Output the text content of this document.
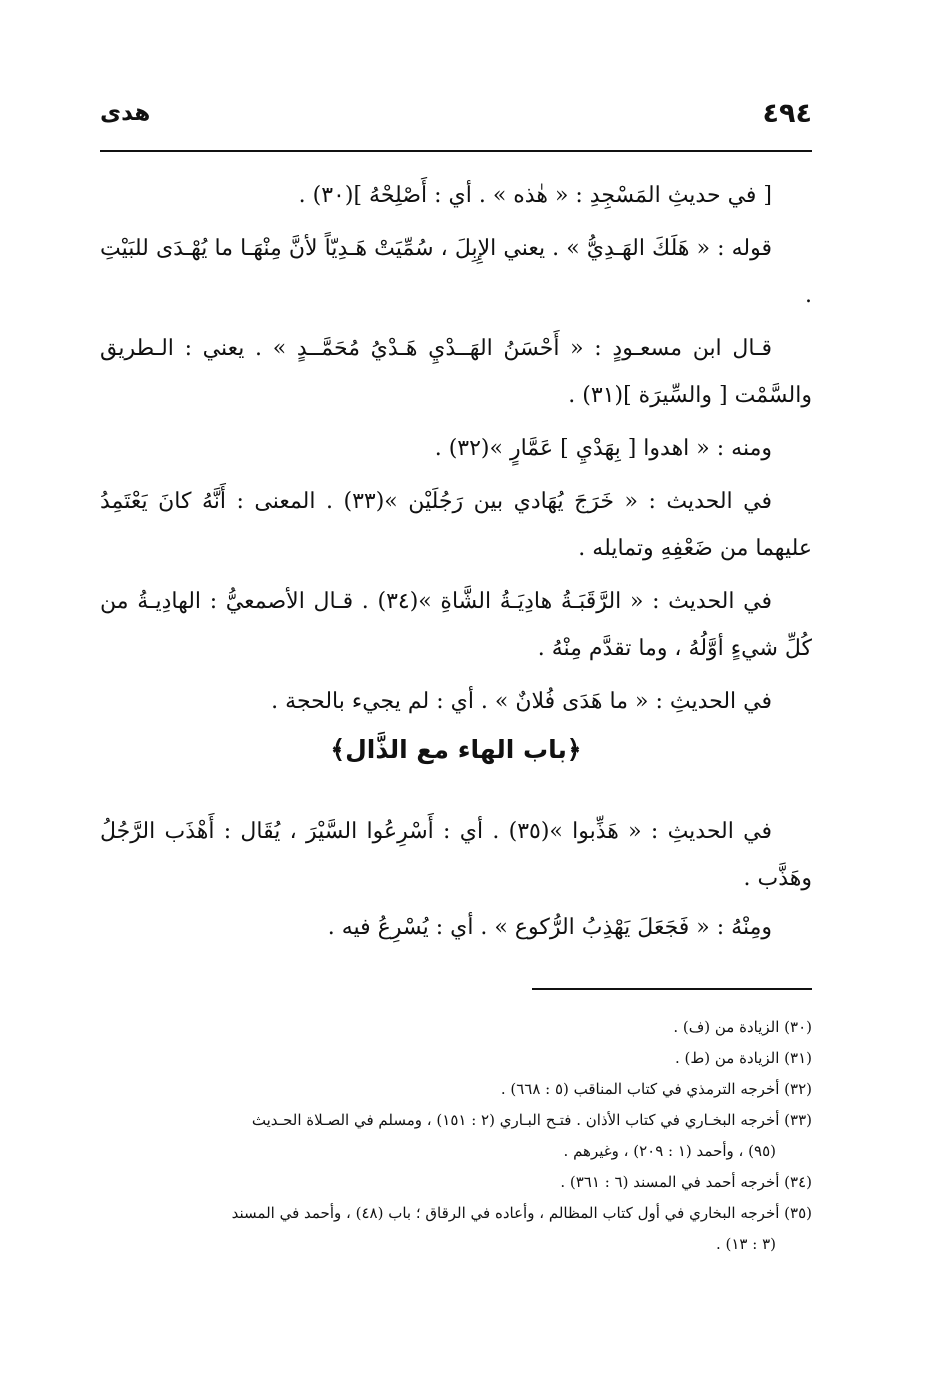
٤٩٤
هدى

[ في حديثِ المَسْجِدِ : « هٰذه » . أي : أَصْلِحْهُ ](٣٠) .

قوله : « هَلَكَ الهَـدِيُّ » . يعني الإِبِلَ ، سُمِّيَتْ هَـدِيّاً لأنَّ مِنْهَـا ما يُهْـدَى للبَيْتِ .

قـال ابن مسعـودٍ : « أَحْسَنُ الهَــدْيِ هَـدْيُ مُحَمَّــدٍ » . يعني : الـطريق والسَّمْت [ والسِّيرَة ](٣١) .

ومنه : « اهدوا [ بِهَدْيِ ] عَمَّارٍ »(٣٢) .

في الحديث : « خَرَجَ يُهَادي بين رَجُلَيْن »(٣٣) . المعنى : أَنَّهُ كانَ يَعْتَمِدُ عليهما من ضَعْفِهِ وتمايله .

في الحديث : « الرَّقَبَـةُ هادِيَـةُ الشَّاةِ »(٣٤) . قـال الأصمعيُّ : الهادِيـةُ من كُلِّ شيءٍ أوَّلُهُ ، وما تقدَّم مِنْهُ .

في الحديثِ : « ما هَدَى فُلانٌ » . أي : لم يجيء بالحجة .

﴿باب الهاء مع الذَّال﴾

في الحديثِ : « هَذِّبوا »(٣٥) . أي : أَسْرِعُوا السَّيْرَ ، يُقَال : أَهْذَب الرَّجُلُ وهَذَّب .

ومِنْهُ : « فَجَعَلَ يَهْذِبُ الرُّكوع » . أي : يُسْرِعُ فيه .

(٣٠) الزيادة من (ف) .

(٣١) الزيادة من (ط) .

(٣٢) أخرجه الترمذي في كتاب المناقب (٥ : ٦٦٨) .

(٣٣) أخرجه البخـاري في كتاب الأذان . فتـح البـاري (٢ : ١٥١) ، ومسلم في الصـلاة الحـديث
(٩٥) ، وأحمد (١ : ٢٠٩) ، وغيرهم .

(٣٤) أخرجه أحمد في المسند (٦ : ٣٦١) .

(٣٥) أخرجه البخاري في أول كتاب المظالم ، وأعاده في الرقاق ؛ باب (٤٨) ، وأحمد في المسند
(٣ : ١٣) .
